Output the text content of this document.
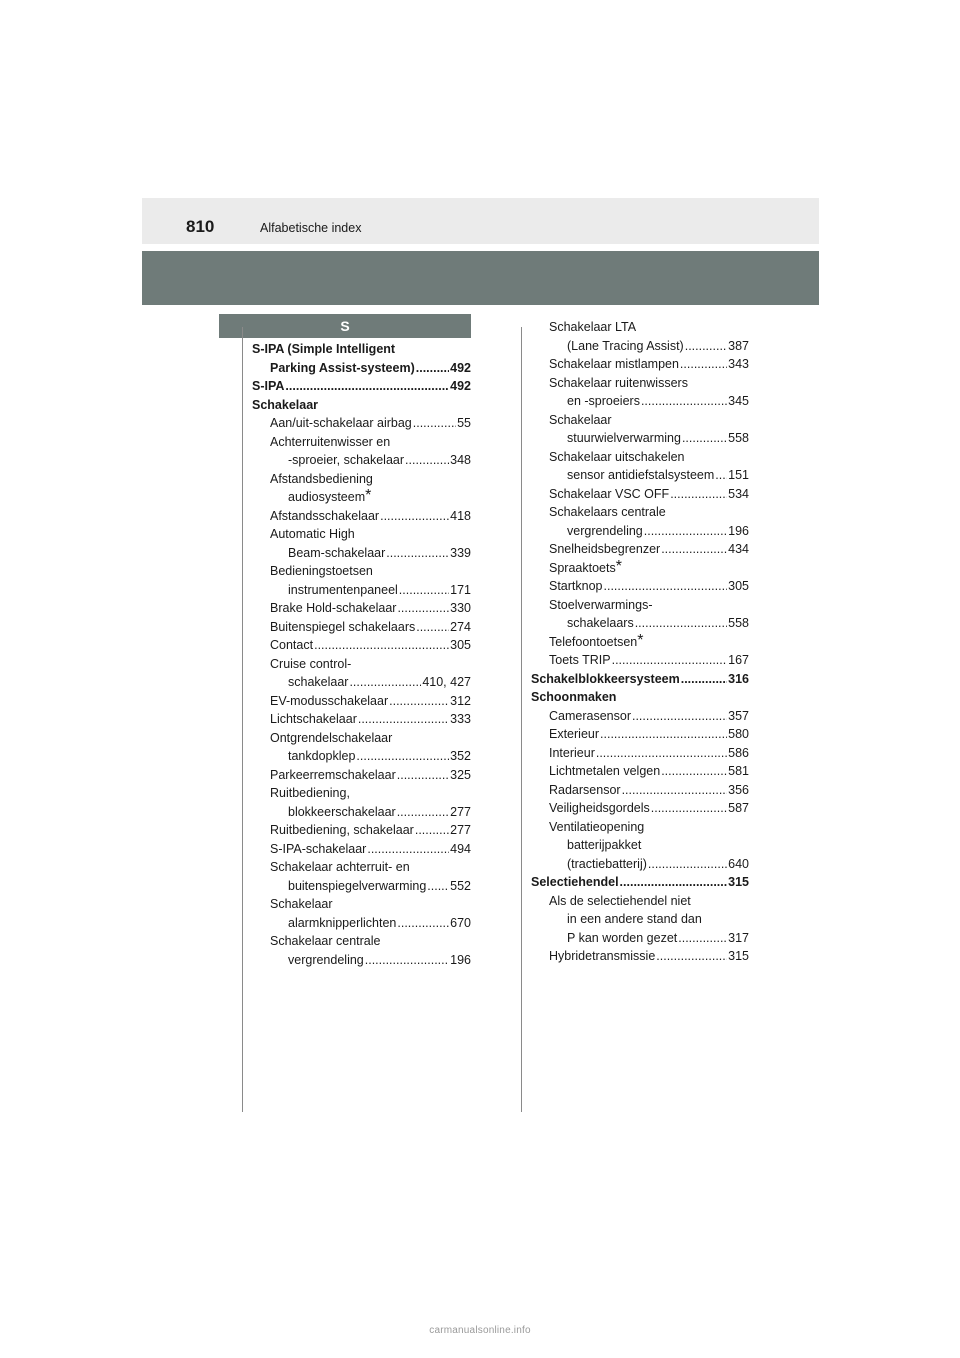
810	Alfabetische index
S
S-IPA (Simple Intelligent
Parking Assist-systeem) .....	492
S-IPA .....	492
Schakelaar
Aan/uit-schakelaar airbag .....	55
Achterruitenwisser en
-sproeier, schakelaar .....	348
Afstandsbediening
audiosysteem*
Afstandsschakelaar .....	418
Automatic High
Beam-schakelaar .....	339
Bedieningstoetsen
instrumentenpaneel .....	171
Brake Hold-schakelaar .....	330
Buitenspiegel schakelaars .....	274
Contact .....	305
Cruise control-
schakelaar .....	410, 427
EV-modusschakelaar .....	312
Lichtschakelaar .....	333
Ontgrendelschakelaar
tankdopklep .....	352
Parkeerremschakelaar .....	325
Ruitbediening,
blokkeerschakelaar .....	277
Ruitbediening, schakelaar .....	277
S-IPA-schakelaar .....	494
Schakelaar achterruit- en
buitenspiegelverwarming ..... 552
Schakelaar
alarmknipperlichten .....	670
Schakelaar centrale
vergrendeling .....	196
Schakelaar LTA
(Lane Tracing Assist) .....	387
Schakelaar mistlampen .....	343
Schakelaar ruitenwissers
en -sproeiers .....	345
Schakelaar
stuurwielverwarming .....	558
Schakelaar uitschakelen
sensor antidiefstalsysteem ..... 151
Schakelaar VSC OFF .....	534
Schakelaars centrale
vergrendeling .....	196
Snelheidsbegrenzer .....	434
Spraaktoets*
Startknop .....	305
Stoelverwarmings-
schakelaars .....	558
Telefoontoetsen*
Toets TRIP .....	167
Schakelblokkeersysteem .....	316
Schoonmaken
Camerasensor .....	357
Exterieur .....	580
Interieur .....	586
Lichtmetalen velgen .....	581
Radarsensor .....	356
Veiligheidsgordels .....	587
Ventilatieopening
batterijpakket
(tractiebatterij) .....	640
Selectiehendel .....	315
Als de selectiehendel niet
in een andere stand dan
P kan worden gezet .....	317
Hybridetransmissie .....	315
carmanualsonline.info
